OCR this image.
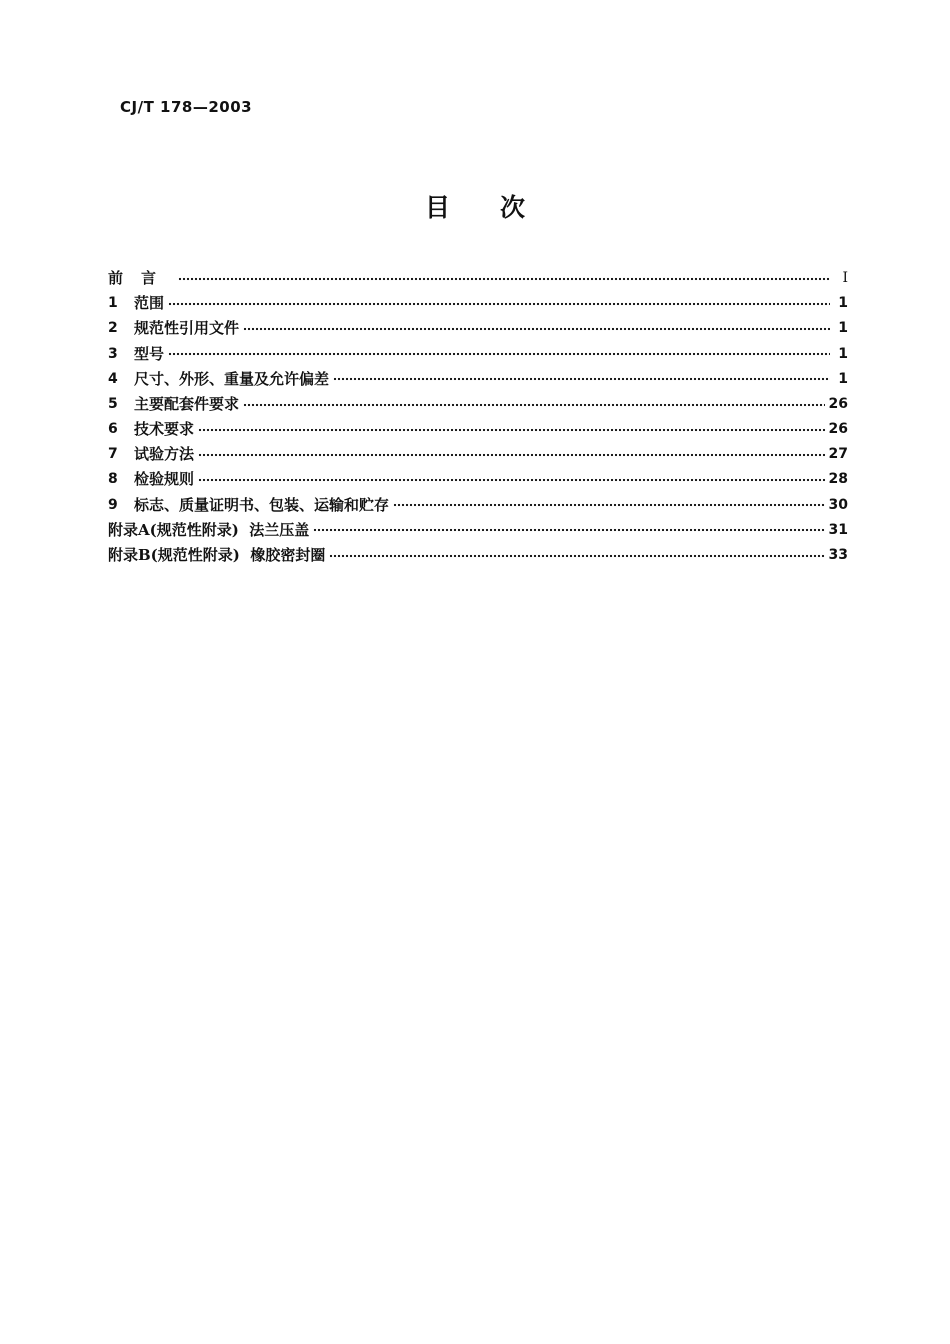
CJ/T 178—2003
目 次
前言	I
1	范围	1
2	规范性引用文件	1
3	型号	1
4	尺寸、外形、重量及允许偏差	1
5	主要配套件要求	26
6	技术要求	26
7	试验方法	27
8	检验规则	28
9	标志、质量证明书、包装、运输和贮存	30
附录A(规范性附录)  法兰压盖	31
附录B(规范性附录)  橡胶密封圈	33
